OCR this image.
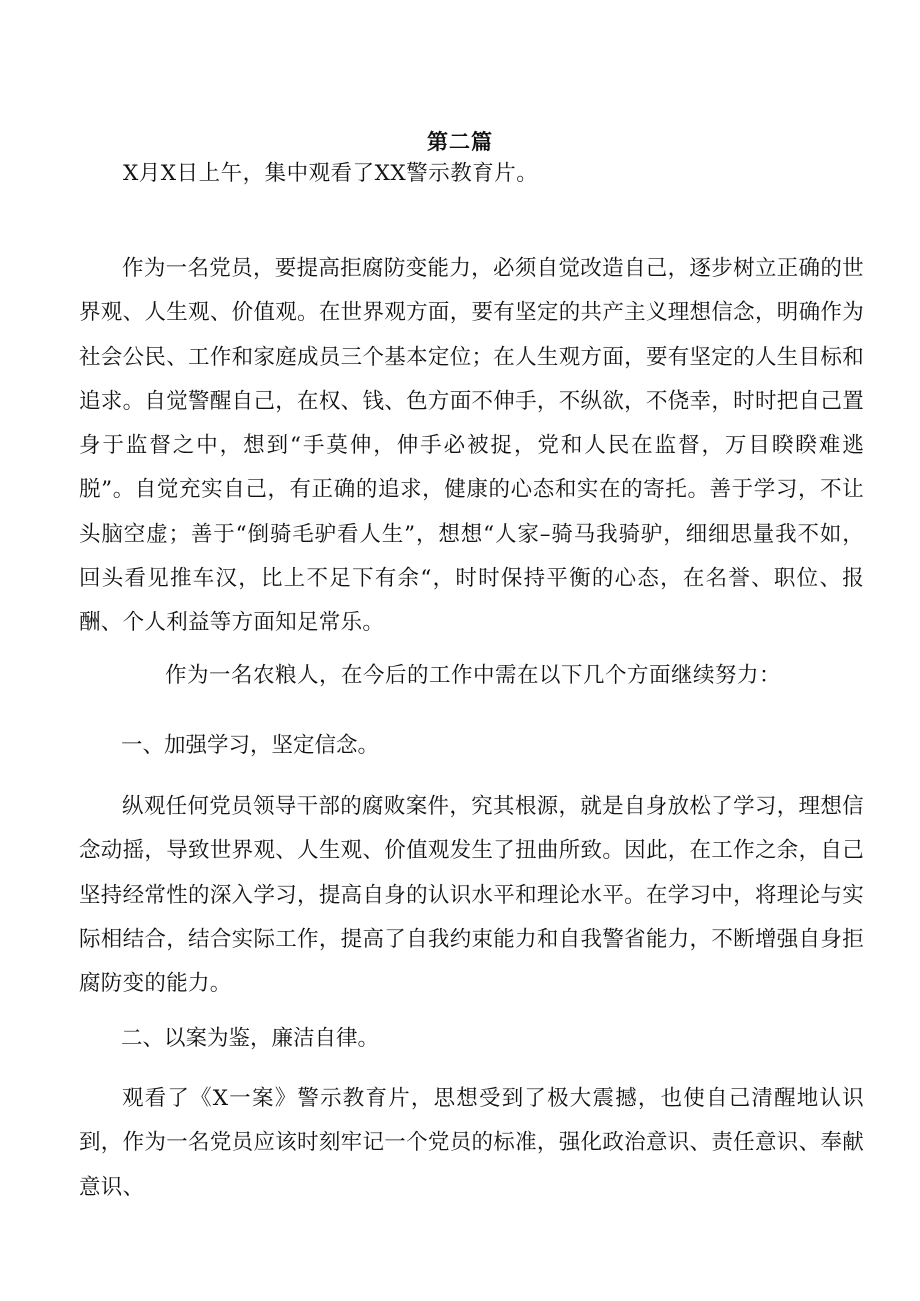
第二篇
X月X日上午，集中观看了XX警示教育片。

作为一名党员，要提高拒腐防变能力，必须自觉改造自己，逐步树立正确的世界观、人生观、价值观。在世界观方面，要有坚定的共产主义理想信念，明确作为社会公民、工作和家庭成员三个基本定位；在人生观方面，要有坚定的人生目标和追求。自觉警醒自己，在权、钱、色方面不伸手，不纵欲，不侥幸，时时把自己置身于监督之中，想到“手莫伸，伸手必被捉，党和人民在监督，万目睽睽难逃脱”。自觉充实自己，有正确的追求，健康的心态和实在的寄托。善于学习，不让头脑空虚；善于“倒骑毛驴看人生”，想想“人家–骑马我骑驴，细细思量我不如，回头看见推车汉，比上不足下有余“，时时保持平衡的心态，在名誉、职位、报酬、个人利益等方面知足常乐。

作为一名农粮人，在今后的工作中需在以下几个方面继续努力：
一、加强学习，坚定信念。

纵观任何党员领导干部的腐败案件，究其根源，就是自身放松了学习，理想信念动摇，导致世界观、人生观、价值观发生了扭曲所致。因此，在工作之余，自己坚持经常性的深入学习，提高自身的认识水平和理论水平。在学习中，将理论与实际相结合，结合实际工作，提高了自我约束能力和自我警省能力，不断增强自身拒腐防变的能力。

二、以案为鉴，廉洁自律。

观看了《X一案》警示教育片，思想受到了极大震撼，也使自己清醒地认识到，作为一名党员应该时刻牢记一个党员的标准，强化政治意识、责任意识、奉献意识、
